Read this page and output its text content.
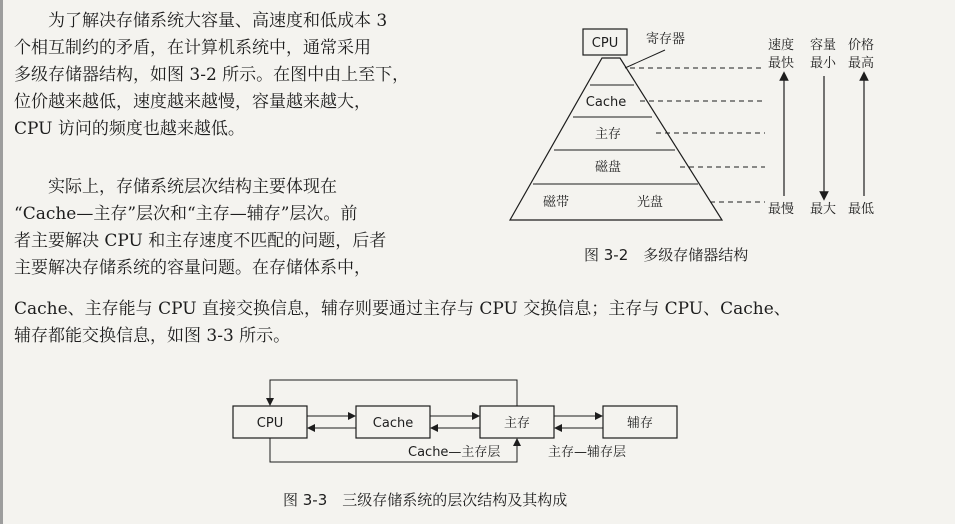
为了解决存储系统大容量、高速度和低成本 3
个相互制约的矛盾，在计算机系统中，通常采用
多级存储器结构，如图 3-2 所示。在图中由上至下，
位价越来越低，速度越来越慢，容量越来越大，
CPU 访问的频度也越来越低。

实际上，存储系统层次结构主要体现在
“Cache—主存”层次和“主存—辅存”层次。前
者主要解决 CPU 和主存速度不匹配的问题，后者
主要解决存储系统的容量问题。在存储体系中，

Cache、主存能与 CPU 直接交换信息，辅存则要通过主存与 CPU 交换信息；主存与 CPU、Cache、
辅存都能交换信息，如图 3-3 所示。

CPU 寄存器
Cache
主存
磁盘
磁带	光盘
速度
最快
容量
最小
价格
最高
最慢 最大 最低
图 3-2　多级存储器结构
CPU	Cache	主存	辅存
Cache—主存层	主存—辅存层
图 3-3　三级存储系统的层次结构及其构成
